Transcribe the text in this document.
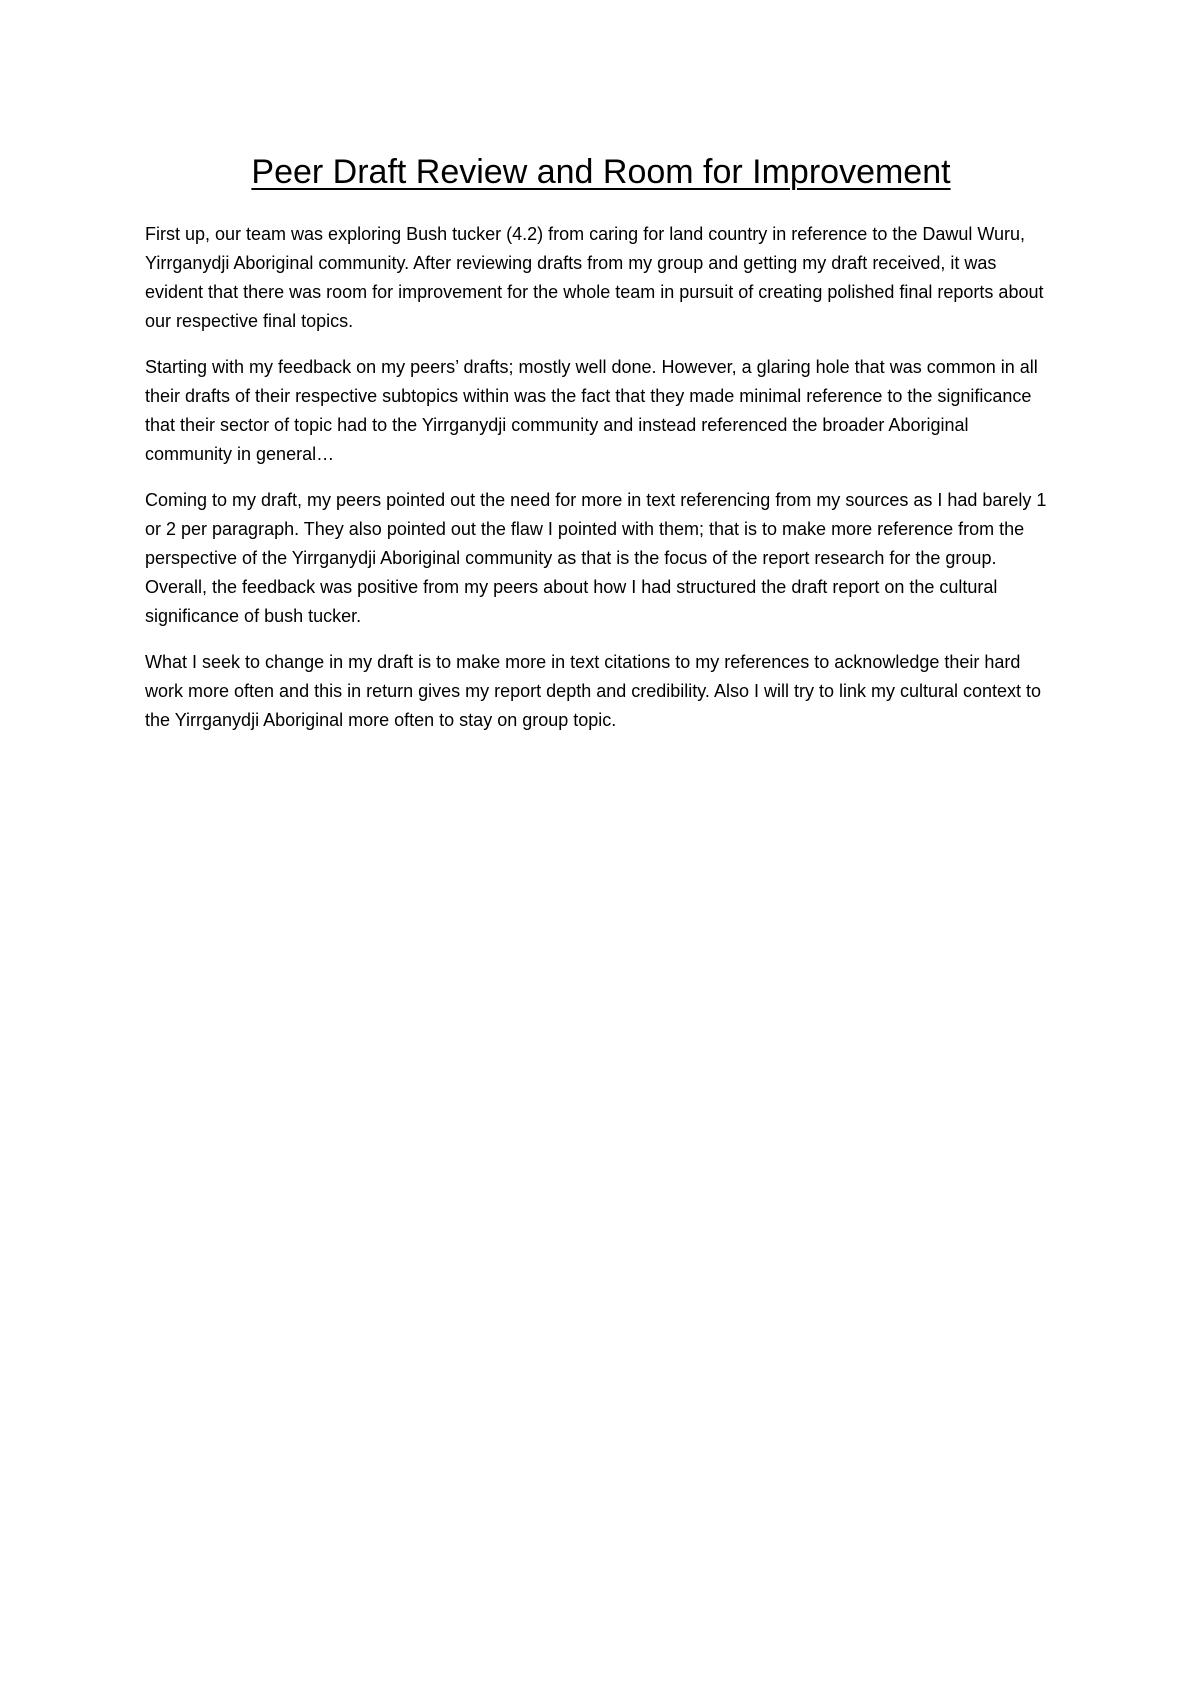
Peer Draft Review and Room for Improvement

First up, our team was exploring Bush tucker (4.2) from caring for land country in reference to the Dawul Wuru, Yirrganydji Aboriginal community. After reviewing drafts from my group and getting my draft received, it was evident that there was room for improvement for the whole team in pursuit of creating polished final reports about our respective final topics.

Starting with my feedback on my peers’ drafts; mostly well done. However, a glaring hole that was common in all their drafts of their respective subtopics within was the fact that they made minimal reference to the significance that their sector of topic had to the Yirrganydji community and instead referenced the broader Aboriginal community in general…

Coming to my draft, my peers pointed out the need for more in text referencing from my sources as I had barely 1 or 2 per paragraph. They also pointed out the flaw I pointed with them; that is to make more reference from the perspective of the Yirrganydji Aboriginal community as that is the focus of the report research for the group. Overall, the feedback was positive from my peers about how I had structured the draft report on the cultural significance of bush tucker.

What I seek to change in my draft is to make more in text citations to my references to acknowledge their hard work more often and this in return gives my report depth and credibility. Also I will try to link my cultural context to the Yirrganydji Aboriginal more often to stay on group topic.
